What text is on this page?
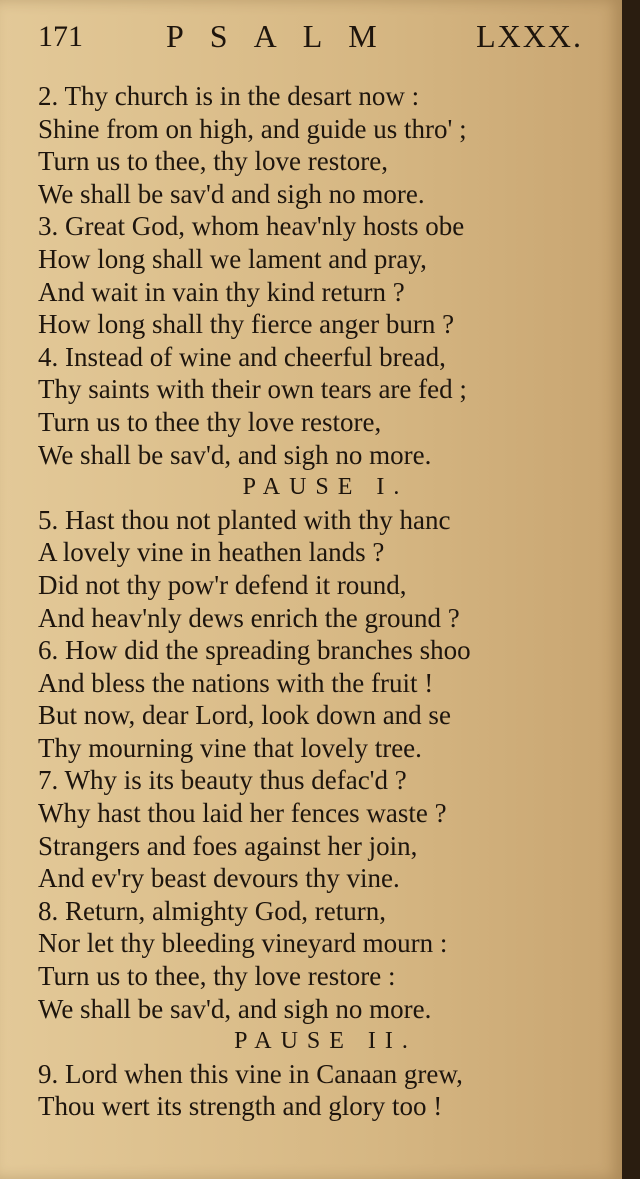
171	PSALM LXXX.
2. Thy church is in the desart now :
Shine from on high, and guide us thro' ;
Turn us to thee, thy love restore,
We shall be sav'd and sigh no more.
3. Great God, whom heav'nly hosts obe
How long shall we lament and pray,
And wait in vain thy kind return ?
How long shall thy fierce anger burn ?
4. Instead of wine and cheerful bread,
Thy saints with their own tears are fed ;
Turn us to thee thy love restore,
We shall be sav'd, and sigh no more.
PAUSE I.
5. Hast thou not planted with thy hanc
A lovely vine in heathen lands ?
Did not thy pow'r defend it round,
And heav'nly dews enrich the ground ?
6. How did the spreading branches shoo
And bless the nations with the fruit !
But now, dear Lord, look down and se
Thy mourning vine that lovely tree.
7. Why is its beauty thus defac'd ?
Why hast thou laid her fences waste ?
Strangers and foes against her join,
And ev'ry beast devours thy vine.
8. Return, almighty God, return,
Nor let thy bleeding vineyard mourn :
Turn us to thee, thy love restore :
We shall be sav'd, and sigh no more.
PAUSE II.
9. Lord when this vine in Canaan grew,
Thou wert its strength and glory too !
